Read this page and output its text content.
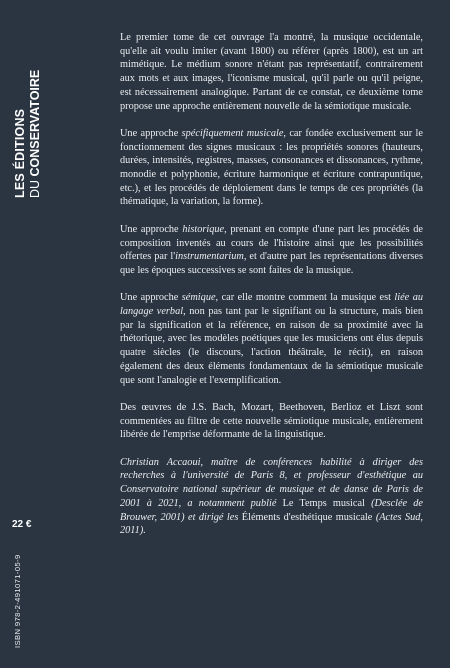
LES ÉDITIONS DU CONSERVATOIRE
22 €
ISBN 978-2-491071-05-9

Le premier tome de cet ouvrage l'a montré, la musique occidentale, qu'elle ait voulu imiter (avant 1800) ou référer (après 1800), est un art mimétique. Le médium sonore n'étant pas représentatif, contrairement aux mots et aux images, l'iconisme musical, qu'il parle ou qu'il peigne, est nécessairement analogique. Partant de ce constat, ce deuxième tome propose une approche entièrement nouvelle de la sémiotique musicale.

Une approche spécifiquement musicale, car fondée exclusivement sur le fonctionnement des signes musicaux : les propriétés sonores (hauteurs, durées, intensités, registres, masses, consonances et dissonances, rythme, monodie et polyphonie, écriture harmonique et écriture contrapuntique, etc.), et les procédés de déploiement dans le temps de ces propriétés (la thématique, la variation, la forme).

Une approche historique, prenant en compte d'une part les procédés de composition inventés au cours de l'histoire ainsi que les possibilités offertes par l'instrumentarium, et d'autre part les représentations diverses que les époques successives se sont faites de la musique.

Une approche sémique, car elle montre comment la musique est liée au langage verbal, non pas tant par le signifiant ou la structure, mais bien par la signification et la référence, en raison de sa proximité avec la rhétorique, avec les modèles poétiques que les musiciens ont élus depuis quatre siècles (le discours, l'action théâtrale, le récit), en raison également des deux éléments fondamentaux de la sémiotique musicale que sont l'analogie et l'exemplification.

Des œuvres de J.S. Bach, Mozart, Beethoven, Berlioz et Liszt sont commentées au filtre de cette nouvelle sémiotique musicale, entièrement libérée de l'emprise déformante de la linguistique.

Christian Accaoui, maître de conférences habilité à diriger des recherches à l'université de Paris 8, et professeur d'esthétique au Conservatoire national supérieur de musique et de danse de Paris de 2001 à 2021, a notamment publié Le Temps musical (Desclée de Brouwer, 2001) et dirigé les Éléments d'esthétique musicale (Actes Sud, 2011).
